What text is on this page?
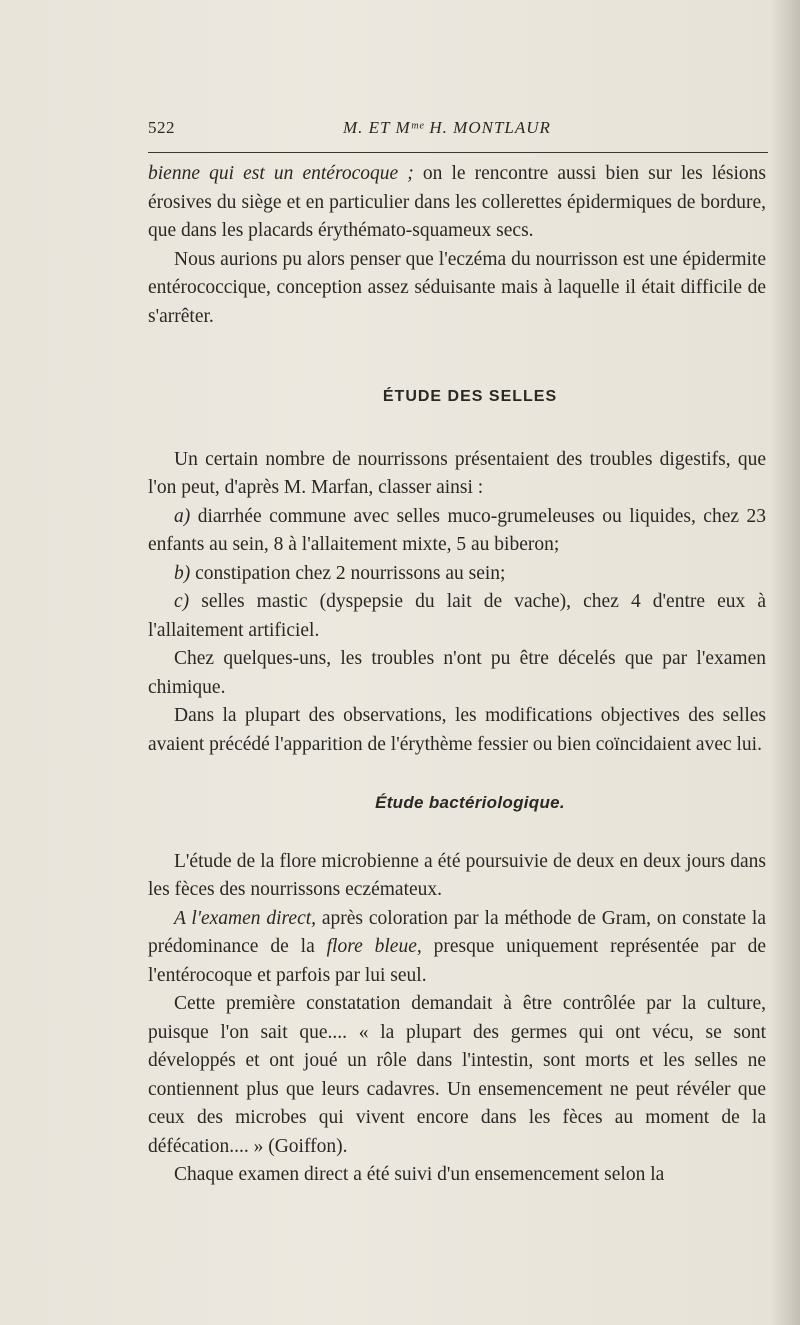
522	M. ET Mᵐᵉ H. MONTLAUR

bienne qui est un entérocoque ; on le rencontre aussi bien sur les lésions érosives du siège et en particulier dans les collerettes épidermiques de bordure, que dans les placards érythémato-squameux secs.

Nous aurions pu alors penser que l'eczéma du nourrisson est une épidermite entérococcique, conception assez séduisante mais à laquelle il était difficile de s'arrêter.

ÉTUDE DES SELLES

Un certain nombre de nourrissons présentaient des troubles digestifs, que l'on peut, d'après M. Marfan, classer ainsi :

a) diarrhée commune avec selles muco-grumeleuses ou liquides, chez 23 enfants au sein, 8 à l'allaitement mixte, 5 au biberon;

b) constipation chez 2 nourrissons au sein;

c) selles mastic (dyspepsie du lait de vache), chez 4 d'entre eux à l'allaitement artificiel.

Chez quelques-uns, les troubles n'ont pu être décelés que par l'examen chimique.

Dans la plupart des observations, les modifications objectives des selles avaient précédé l'apparition de l'érythème fessier ou bien coïncidaient avec lui.

Étude bactériologique.

L'étude de la flore microbienne a été poursuivie de deux en deux jours dans les fèces des nourrissons eczémateux.

A l'examen direct, après coloration par la méthode de Gram, on constate la prédominance de la flore bleue, presque uniquement représentée par de l'entérocoque et parfois par lui seul.

Cette première constatation demandait à être contrôlée par la culture, puisque l'on sait que.... « la plupart des germes qui ont vécu, se sont développés et ont joué un rôle dans l'intestin, sont morts et les selles ne contiennent plus que leurs cadavres. Un ensemencement ne peut révéler que ceux des microbes qui vivent encore dans les fèces au moment de la défécation.... » (Goiffon).

Chaque examen direct a été suivi d'un ensemencement selon la
